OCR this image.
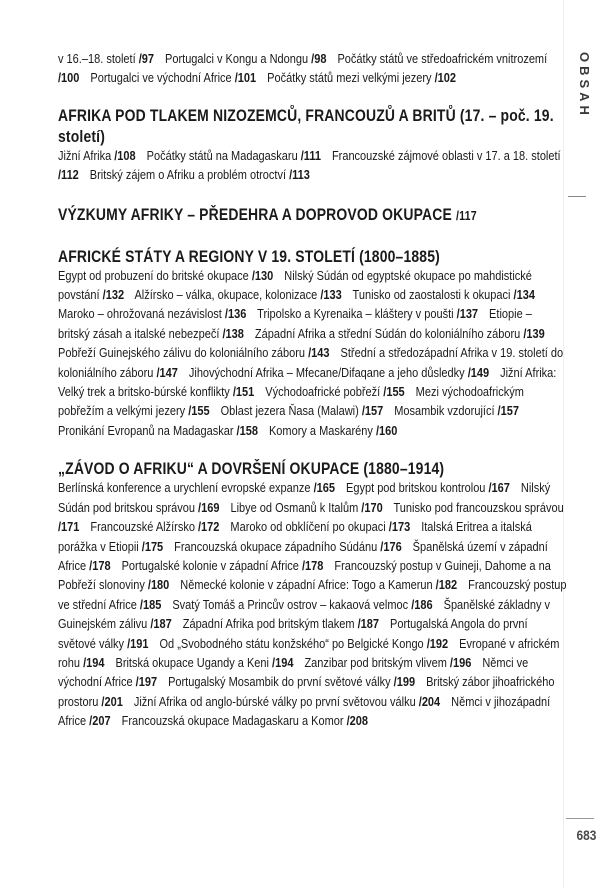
OBSAH
v 16.–18. století /97 Portugalci v Kongu a Ndongu /98 Počátky států ve středoafrickém vnitrozemí /100 Portugalci ve východní Africe /101 Počátky států mezi velkými jezery /102
AFRIKA POD TLAKEM NIZOZEMCŮ, FRANCOUZŮ A BRITŮ (17. – poč. 19. století)
Jižní Afrika /108 Počátky států na Madagaskaru /111 Francouzské zájmové oblasti v 17. a 18. století /112 Britský zájem o Afriku a problém otroctví /113
VÝZKUMY AFRIKY – PŘEDEHRA A DOPROVOD OKUPACE /117
AFRICKÉ STÁTY A REGIONY V 19. STOLETÍ (1800–1885)
Egypt od probuzení do britské okupace /130 Nilský Súdán od egyptské okupace po mahdistické povstání /132 Alžírsko – válka, okupace, kolonizace /133 Tunisko od zaostalosti k okupaci /134 Maroko – ohrožovaná nezávislost /136 Tripolsko a Kyrenaika – kláštery v poušti /137 Etiopie – britský zásah a italské nebezpečí /138 Západní Afrika a střední Súdán do koloniálního záboru /139 Pobřeží Guinejského zálivu do koloniálního záboru /143 Střední a středozápadní Afrika v 19. století do koloniálního záboru /147 Jihovýchodní Afrika – Mfecane/Difaqane a jeho důsledky /149 Jižní Afrika: Velký trek a britsko-búrské konflikty /151 Východoafrické pobřeží /155 Mezi východoafrickým pobřežím a velkými jezery /155 Oblast jezera Ňasa (Malawi) /157 Mosambik vzdorující /157 Pronikání Evropanů na Madagaskar /158 Komory a Maskarény /160
„ZÁVOD O AFRIKU“ A DOVRŠENÍ OKUPACE (1880–1914)
Berlínská konference a urychlení evropské expanze /165 Egypt pod britskou kontrolou /167 Nilský Súdán pod britskou správou /169 Libye od Osmanů k Italům /170 Tunisko pod francouzskou správou /171 Francouzské Alžírsko /172 Maroko od obklíčení po okupaci /173 Italská Eritrea a italská porážka v Etiopii /175 Francouzská okupace západního Súdánu /176 Španělská území v západní Africe /178 Portugalské kolonie v západní Africe /178 Francouzský postup v Guineji, Dahome a na Pobřeží slonoviny /180 Německé kolonie v západní Africe: Togo a Kamerun /182 Francouzský postup ve střední Africe /185 Svatý Tomáš a Princův ostrov – kakaová velmoc /186 Španělské základny v Guinejském zálivu /187 Západní Afrika pod britským tlakem /187 Portugalská Angola do první světové války /191 Od „Svobodného státu konžského“ po Belgické Kongo /192 Evropané v africkém rohu /194 Britská okupace Ugandy a Keni /194 Zanzibar pod britským vlivem /196 Němci ve východní Africe /197 Portugalský Mosambik do první světové války /199 Britský zábor jihoafrického prostoru /201 Jižní Afrika od anglo-búrské války po první světovou válku /204 Němci v jihozápadní Africe /207 Francouzská okupace Madagaskaru a Komor /208
683
